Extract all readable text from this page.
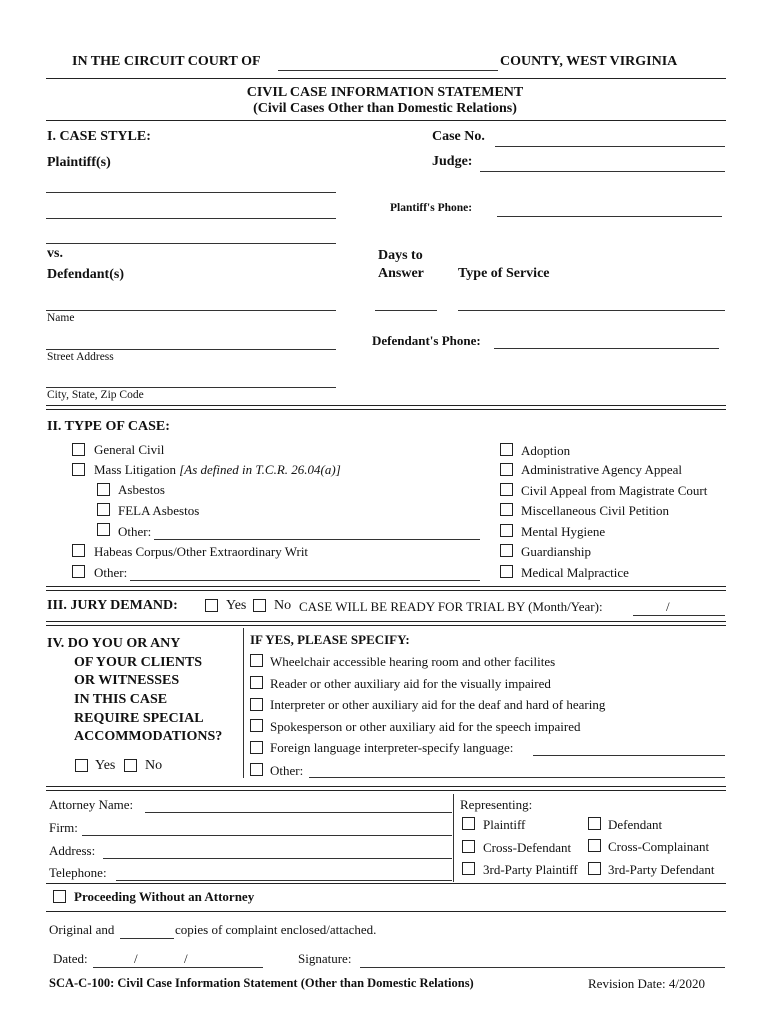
IN THE CIRCUIT COURT OF	COUNTY, WEST VIRGINIA
CIVIL CASE INFORMATION STATEMENT
(Civil Cases Other than Domestic Relations)
I. CASE STYLE:	Case No.
Plaintiff(s)	Judge:
Plantiff's Phone:
vs.
Defendant(s)
Days to
Answer Type of Service
Name
Defendant's Phone:
Street Address
City, State, Zip Code
II. TYPE OF CASE:
General Civil
Mass Litigation [As defined in T.C.R. 26.04(a)]
Asbestos
FELA Asbestos
Other:
Habeas Corpus/Other Extraordinary Writ
Other:
Adoption
Administrative Agency Appeal
Civil Appeal from Magistrate Court
Miscellaneous Civil Petition
Mental Hygiene
Guardianship
Medical Malpractice
III. JURY DEMAND:	Yes No CASE WILL BE READY FOR TRIAL BY (Month/Year):	/
IV. DO YOU OR ANY
OF YOUR CLIENTS
OR WITNESSES
IN THIS CASE
REQUIRE SPECIAL
ACCOMMODATIONS?
Yes No
IF YES, PLEASE SPECIFY:
Wheelchair accessible hearing room and other facilites
Reader or other auxiliary aid for the visually impaired
Interpreter or other auxiliary aid for the deaf and hard of hearing
Spokesperson or other auxiliary aid for the speech impaired
Foreign language interpreter-specify language:
Other:
Attorney Name:
Firm:
Address:
Telephone:
Representing:
Plaintiff	Defendant
Cross-Defendant	Cross-Complainant
3rd-Party Plaintiff 3rd-Party Defendant
Proceeding Without an Attorney
Original and	copies of complaint enclosed/attached.
Dated:	/	/	Signature:
SCA-C-100: Civil Case Information Statement (Other than Domestic Relations)	Revision Date: 4/2020
